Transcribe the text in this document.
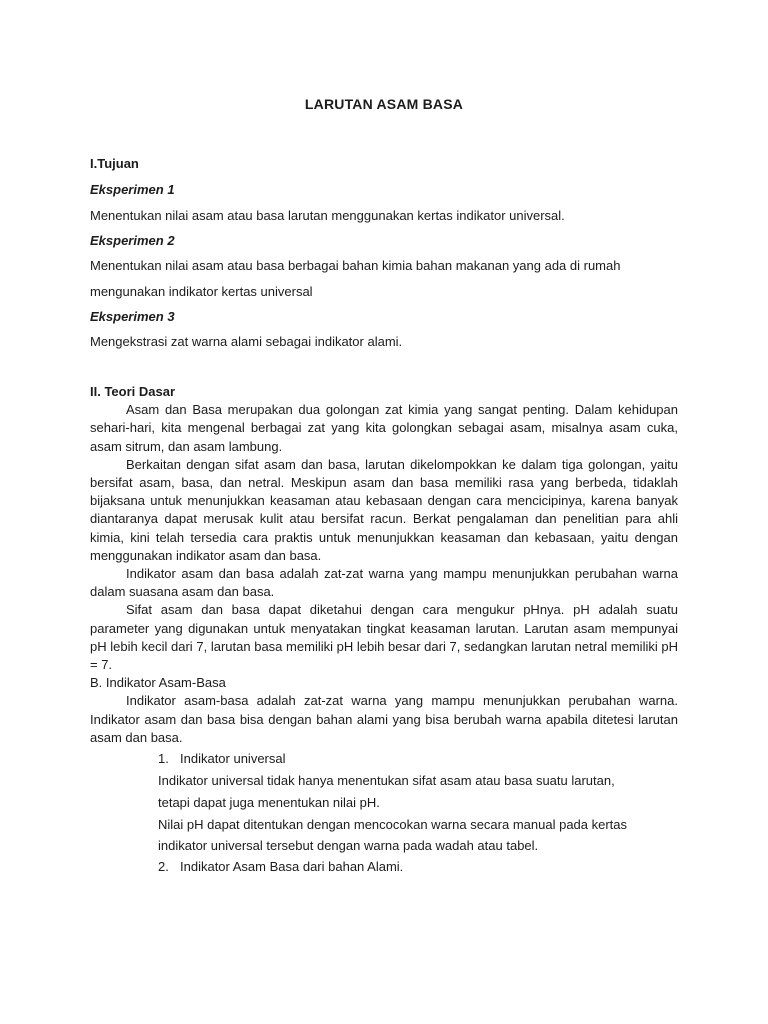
LARUTAN ASAM BASA
I.Tujuan
Eksperimen 1
Menentukan nilai asam atau basa larutan menggunakan kertas indikator universal.
Eksperimen 2
Menentukan nilai asam atau basa berbagai bahan kimia bahan makanan yang ada di rumah
mengunakan indikator kertas universal
Eksperimen 3
Mengekstrasi zat warna alami sebagai indikator alami.
II. Teori Dasar

Asam dan Basa merupakan dua golongan zat kimia yang sangat penting. Dalam kehidupan sehari-hari, kita mengenal berbagai zat yang kita golongkan sebagai asam, misalnya asam cuka, asam sitrum, dan asam lambung.

Berkaitan dengan sifat asam dan basa, larutan dikelompokkan ke dalam tiga golongan, yaitu bersifat asam, basa, dan netral. Meskipun asam dan basa memiliki rasa yang berbeda, tidaklah bijaksana untuk menunjukkan keasaman atau kebasaan dengan cara mencicipinya, karena banyak diantaranya dapat merusak kulit atau bersifat racun. Berkat pengalaman dan penelitian para ahli kimia, kini telah tersedia cara praktis untuk menunjukkan keasaman dan kebasaan, yaitu dengan menggunakan indikator asam dan basa.

Indikator asam dan basa adalah zat-zat warna yang mampu menunjukkan perubahan warna dalam suasana asam dan basa.

Sifat asam dan basa dapat diketahui dengan cara mengukur pHnya. pH adalah suatu parameter yang digunakan untuk menyatakan tingkat keasaman larutan. Larutan asam mempunyai pH lebih kecil dari 7, larutan basa memiliki pH lebih besar dari 7, sedangkan larutan netral memiliki pH = 7.

B. Indikator Asam-Basa

Indikator asam-basa adalah zat-zat warna yang mampu menunjukkan perubahan warna. Indikator asam dan basa bisa dengan bahan alami yang bisa berubah warna apabila ditetesi larutan asam dan basa.

1. Indikator universal
Indikator universal tidak hanya menentukan sifat asam atau basa suatu larutan,
tetapi dapat juga menentukan nilai pH.
Nilai pH dapat ditentukan dengan mencocokan warna secara manual pada kertas
indikator universal tersebut dengan warna pada wadah atau tabel.
2. Indikator Asam Basa dari bahan Alami.
